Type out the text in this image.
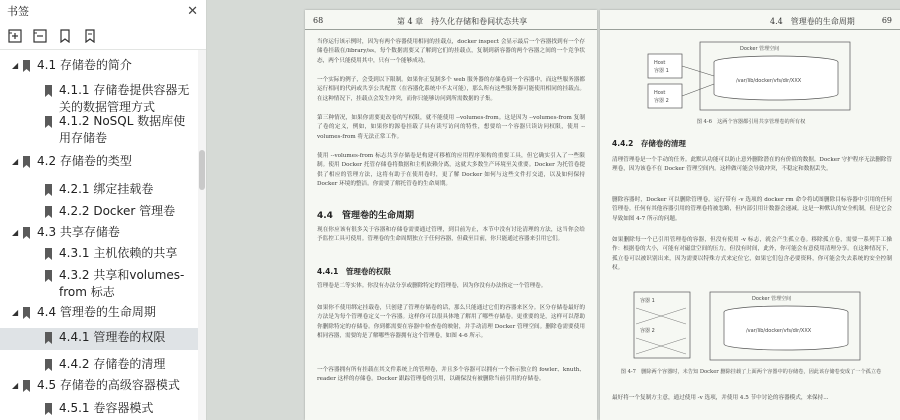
书签	✕
◢ 4.1 存储卷的简介
4.1.1 存储卷提供容器无关的数据管理方式
4.1.2 NoSQL 数据库使用存储卷
◢ 4.2 存储卷的类型
4.2.1 绑定挂载卷
4.2.2 Docker 管理卷
◢ 4.3 共享存储卷
4.3.1 主机依赖的共享
4.3.2 共享和volumes-from 标志
◢ 4.4 管理卷的生命周期
4.4.1 管理卷的权限
4.4.2 存储卷的清理
◢ 4.5 存储卷的高级容器模式
4.5.1 卷容器模式
68	第 4 章　持久化存储和卷间状态共享
当你运行该示例时，因为有两个容器使用相同的挂载点，docker inspect 会显示最后一个容器找到有一个存储卷挂载在/library/ss，每个数据需要又了解到它们的挂载点，复制到新容器的两个容器之间的一个竞争状态，两个只能使用其中，只有一个能够成功。
一个实际的例子，会受到以下限制。如果你正复制多个 web 服务器的存储卷到一个容器中，而这些服务器都运行相同的代码或共享公共配置（在容器化系统中不太可能），那么所有这些服务器可能使用相同的挂载点。在这种情况下，挂载点会发生冲突，而你只能够访问到所需数据的子集。
第三种情况，如果你需要更改卷的写权限，就不能使用 --volumes-from。这是因为 --volumes-from 复制了卷的定义，例如，如果你的源卷挂载了具有读写访问的特性，想要给一个容器只读访问权限，使用 --volumes-from 将无法正常工作。
使用 --volumes-from 标志共享存储卷是构建可移植的应用程序架构的重要工具，但它确实引入了一些限制。使用 Docker 托管存储卷将数据和主机依赖分离，这就大多数生产环境至关重要。Docker 为托管卷提供了相应的管理方法，这将有助于在使用卷时，更了解 Docker 如何与这些文件打交道，以及如何保持 Docker 环境的整洁。你需要了解托管卷的生命周期。
4.4　 管理卷的生命周期
现在你应该有很多关于容器和存储卷需要通过管理，到目前为止，本节中没有讨论清理的方法，这当你会给予监控工具可使用。管理卷的生命周期独立于任何容器，但截至目前，你只能通过容器来引用它们。
4.4.1　 管理卷的权限
管理卷是二等实体。你没有办法分享或删除特定的管理卷，因为你没有办法指定一个管理卷。
如果你不使用绑定挂载卷，只创建了管理存储卷的话，那么只能通过它们的容器来区分。区分存储卷最好的方法是为每个管理卷定义一个容器。这样你可以很具体地了解用了哪些存储卷。更重要的是，这样可以帮助你删除特定的存储卷。你到都需要在容器中检查卷的映射，并手动清理 Docker 管理空间。删除卷需要使用相同容器，需要的是了解哪些容器拥有这个管理卷，如图 4-6 所示。
一个容器拥有所有挂载在其文件系统上的管理卷，并且多个容器可以拥有一个指示独立的 fowler、knuth、reader 这样的存储卷。Docker 跟踪管理卷的引用，以确保没有被删除当前引用的存储卷。
4.4　管理卷的生命周期	69
Host
容器 1
Host
容器 2
Docker 管理空间
/var/lib/docker/vfs/dir/XXX
图 4-6　这两个容器都引用共享管理卷的所有权
4.4.2　 存储卷的清理
清理管理卷是一个手动的任务。此默认功能可以防止意外删除潜在的有价值的数据。Docker 守护程序无法删除管理卷，因为该卷不在 Docker 管理空间内。这样做可能会导致冲突，不稳定和数据丢失。
删除容器时，Docker 可以删除管理卷。运行带有 -v 选项的 docker rm 命令将试图删除目标容器中引用的任何管理卷。任何有其他容器引用的管理卷将被忽略，但内部引用计数器会递减。这是一种默认的安全机制，但是它会导致如图 4-7 所示的问题。
如果删除每一个已引用管理卷的容器，但没有使用 -v 标志，就会产生孤立卷。移除孤立卷，需要一系列手工操作：根据卷的大小，可能有对磁盘空间的压力，但没有时间，此外，你可能会有意使用清理分享。在这种情况下，孤立卷可以被识别出来，因为需要以特殊方式来定位它，如果它们包含必要资料，你可能会失去系统的安全控制权。
容器 1
容器 2
Docker 管理空间
/var/lib/docker/vfs/dir/XXX
图 4-7　删除两个容器时，未告知 Docker 删除挂载了上面两个容器中的存储卷，因此该存储卷变成了一个孤立卷
最好将一个复制方主意，通过使用 -v 选项，并使用 4.5 节中讨论的容器模式，来保持...
